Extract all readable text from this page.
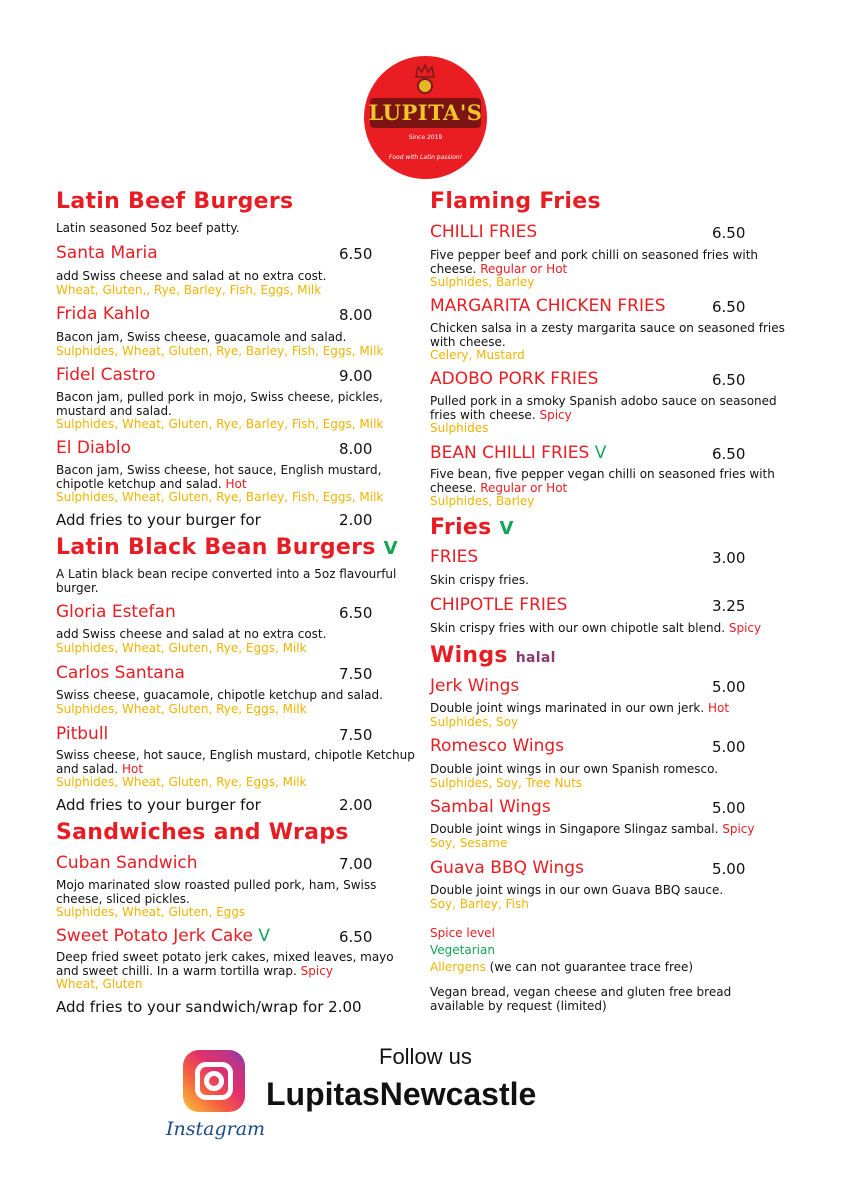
LUPITA'S
Since 2019
Food with Latin passion!
Latin Beef Burgers
Latin seasoned 5oz beef patty.
Santa Maria	6.50
add Swiss cheese and salad at no extra cost.
Wheat, Gluten,, Rye, Barley, Fish, Eggs, Milk
Frida Kahlo	8.00
Bacon jam, Swiss cheese, guacamole and salad.
Sulphides, Wheat, Gluten, Rye, Barley, Fish, Eggs, Milk
Fidel Castro	9.00
Bacon jam, pulled pork in mojo, Swiss cheese, pickles, mustard and salad.
Sulphides, Wheat, Gluten, Rye, Barley, Fish, Eggs, Milk
El Diablo	8.00
Bacon jam, Swiss cheese, hot sauce, English mustard, chipotle ketchup and salad. Hot
Sulphides, Wheat, Gluten, Rye, Barley, Fish, Eggs, Milk
Add fries to your burger for	2.00
Latin Black Bean Burgers V
A Latin black bean recipe converted into a 5oz flavourful burger.
Gloria Estefan	6.50
add Swiss cheese and salad at no extra cost.
Sulphides, Wheat, Gluten, Rye, Eggs, Milk
Carlos Santana	7.50
Swiss cheese, guacamole, chipotle ketchup and salad.
Sulphides, Wheat, Gluten, Rye, Eggs, Milk
Pitbull	7.50
Swiss cheese, hot sauce, English mustard, chipotle Ketchup and salad. Hot
Sulphides, Wheat, Gluten, Rye, Eggs, Milk
Add fries to your burger for	2.00
Sandwiches and Wraps
Cuban Sandwich	7.00
Mojo marinated slow roasted pulled pork, ham, Swiss cheese, sliced pickles.
Sulphides, Wheat, Gluten, Eggs
Sweet Potato Jerk Cake V	6.50
Deep fried sweet potato jerk cakes, mixed leaves, mayo and sweet chilli. In a warm tortilla wrap. Spicy
Wheat, Gluten
Add fries to your sandwich/wrap for 2.00
Flaming Fries
CHILLI FRIES	6.50
Five pepper beef and pork chilli on seasoned fries with cheese. Regular or Hot
Sulphides, Barley
MARGARITA CHICKEN FRIES	6.50
Chicken salsa in a zesty margarita sauce on seasoned fries with cheese.
Celery, Mustard
ADOBO PORK FRIES	6.50
Pulled pork in a smoky Spanish adobo sauce on seasoned fries with cheese. Spicy
Sulphides
BEAN CHILLI FRIES V	6.50
Five bean, five pepper vegan chilli on seasoned fries with cheese. Regular or Hot
Sulphides, Barley
Fries V
FRIES	3.00
Skin crispy fries.
CHIPOTLE FRIES	3.25
Skin crispy fries with our own chipotle salt blend. Spicy
Wings halal
Jerk Wings	5.00
Double joint wings marinated in our own jerk. Hot
Sulphides, Soy
Romesco Wings	5.00
Double joint wings in our own Spanish romesco.
Sulphides, Soy, Tree Nuts
Sambal Wings	5.00
Double joint wings in Singapore Slingaz sambal. Spicy
Soy, Sesame
Guava BBQ Wings	5.00
Double joint wings in our own Guava BBQ sauce.
Soy, Barley, Fish
Spice level
Vegetarian
Allergens (we can not guarantee trace free)
Vegan bread, vegan cheese and gluten free bread available by request (limited)
Instagram
Follow us
LupitasNewcastle
